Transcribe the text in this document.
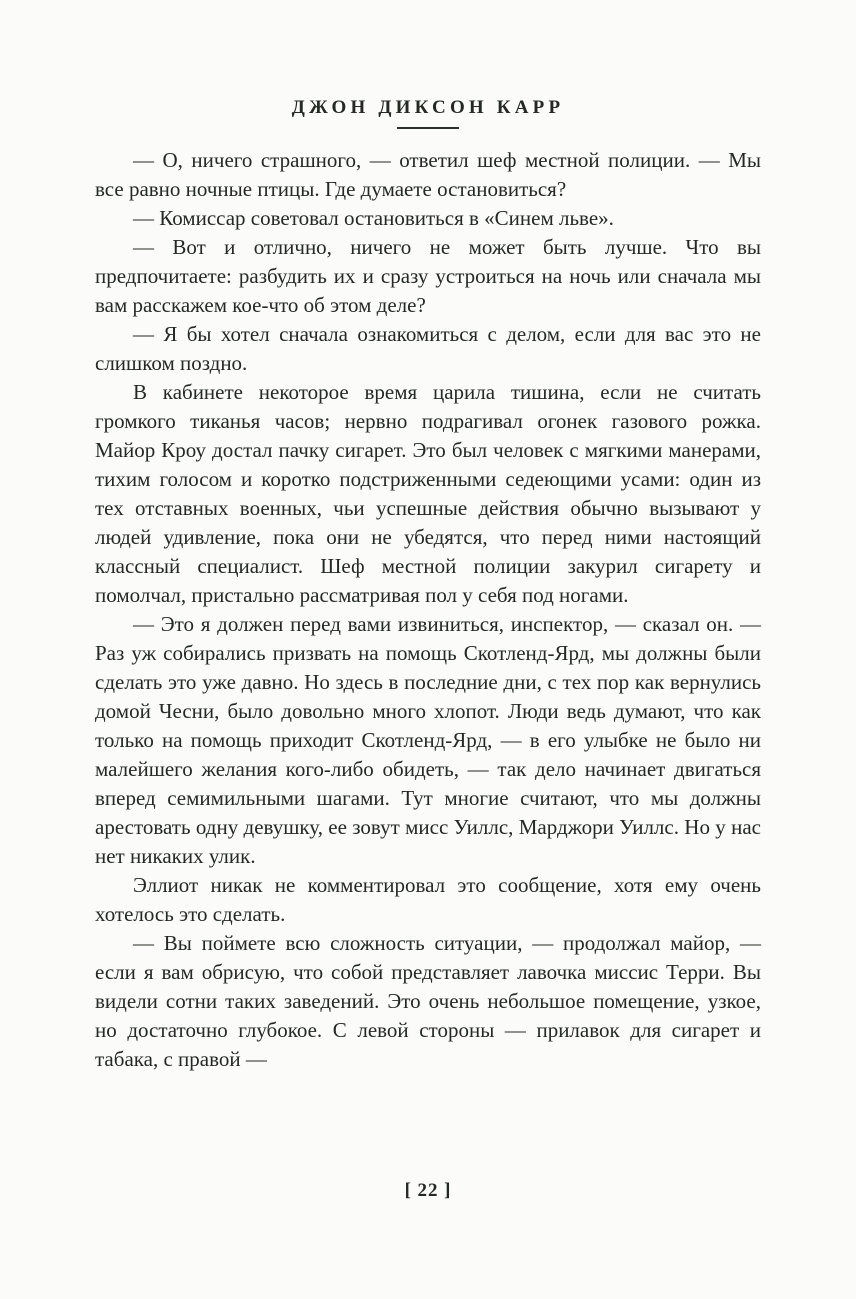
ДЖОН ДИКСОН КАРР

— О, ничего страшного, — ответил шеф местной полиции. — Мы все равно ночные птицы. Где думаете остановиться?

— Комиссар советовал остановиться в «Синем льве».

— Вот и отлично, ничего не может быть лучше. Что вы предпочитаете: разбудить их и сразу устроиться на ночь или сначала мы вам расскажем кое-что об этом деле?

— Я бы хотел сначала ознакомиться с делом, если для вас это не слишком поздно.

В кабинете некоторое время царила тишина, если не считать громкого тиканья часов; нервно подрагивал огонек газового рожка. Майор Кроу достал пачку сигарет. Это был человек с мягкими манерами, тихим голосом и коротко подстриженными седеющими усами: один из тех отставных военных, чьи успешные действия обычно вызывают у людей удивление, пока они не убедятся, что перед ними настоящий классный специалист. Шеф местной полиции закурил сигарету и помолчал, пристально рассматривая пол у себя под ногами.

— Это я должен перед вами извиниться, инспектор, — сказал он. — Раз уж собирались призвать на помощь Скотленд-Ярд, мы должны были сделать это уже давно. Но здесь в последние дни, с тех пор как вернулись домой Чесни, было довольно много хлопот. Люди ведь думают, что как только на помощь приходит Скотленд-Ярд, — в его улыбке не было ни малейшего желания кого-либо обидеть, — так дело начинает двигаться вперед семимильными шагами. Тут многие считают, что мы должны арестовать одну девушку, ее зовут мисс Уиллс, Марджори Уиллс. Но у нас нет никаких улик.

Эллиот никак не комментировал это сообщение, хотя ему очень хотелось это сделать.

— Вы поймете всю сложность ситуации, — продолжал майор, — если я вам обрисую, что собой представляет лавочка миссис Терри. Вы видели сотни таких заведений. Это очень небольшое помещение, узкое, но достаточно глубокое. С левой стороны — прилавок для сигарет и табака, с правой —

[ 22 ]
